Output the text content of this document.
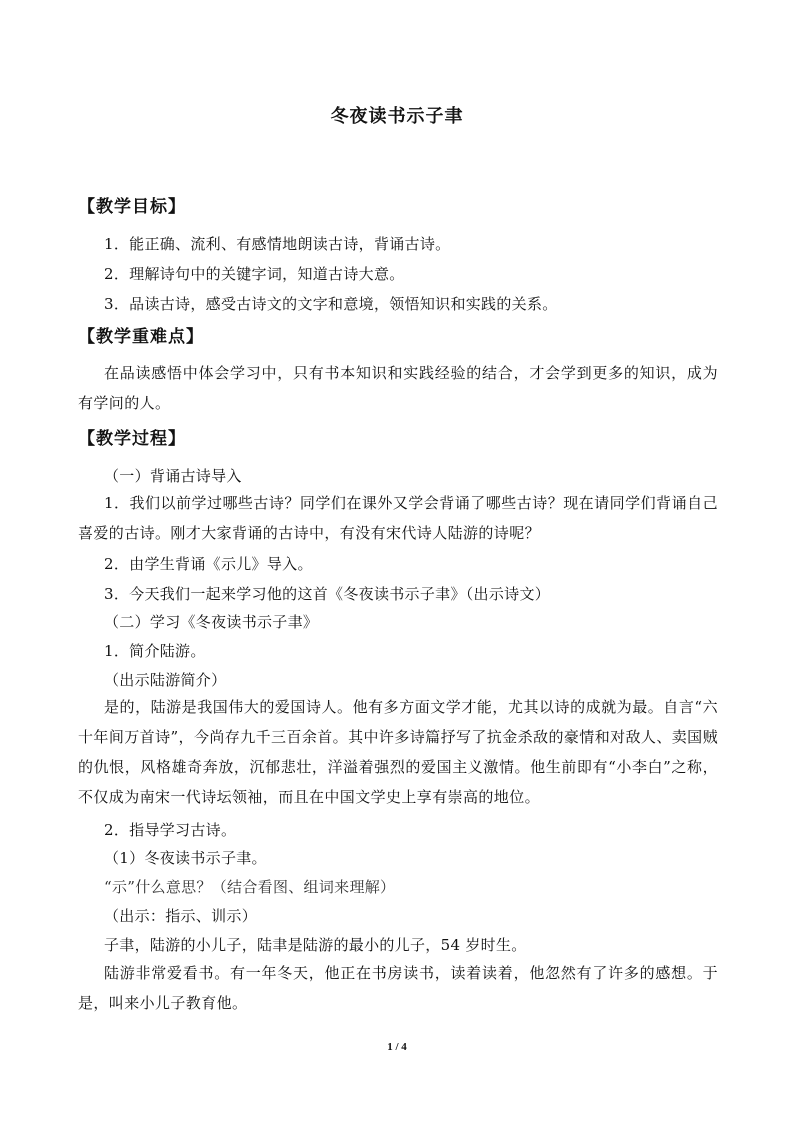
冬夜读书示子聿
【教学目标】
1．能正确、流利、有感情地朗读古诗，背诵古诗。
2．理解诗句中的关键字词，知道古诗大意。
3．品读古诗，感受古诗文的文字和意境，领悟知识和实践的关系。
【教学重难点】
在品读感悟中体会学习中，只有书本知识和实践经验的结合，才会学到更多的知识，成为有学问的人。
【教学过程】
（一）背诵古诗导入
1．我们以前学过哪些古诗？同学们在课外又学会背诵了哪些古诗？现在请同学们背诵自己喜爱的古诗。刚才大家背诵的古诗中，有没有宋代诗人陆游的诗呢？
2．由学生背诵《示儿》导入。
3．今天我们一起来学习他的这首《冬夜读书示子聿》（出示诗文）
（二）学习《冬夜读书示子聿》
1．简介陆游。
（出示陆游简介）
是的，陆游是我国伟大的爱国诗人。他有多方面文学才能，尤其以诗的成就为最。自言“六十年间万首诗”，今尚存九千三百余首。其中许多诗篇抒写了抗金杀敌的豪情和对敌人、卖国贼的仇恨，风格雄奇奔放，沉郁悲壮，洋溢着强烈的爱国主义激情。他生前即有“小李白”之称，不仅成为南宋一代诗坛领袖，而且在中国文学史上享有崇高的地位。
2．指导学习古诗。
（1）冬夜读书示子聿。
“示”什么意思？（结合看图、组词来理解）
（出示：指示、训示）
子聿，陆游的小儿子，陆聿是陆游的最小的儿子，54 岁时生。
陆游非常爱看书。有一年冬天，他正在书房读书，读着读着，他忽然有了许多的感想。于是，叫来小儿子教育他。
1 / 4
